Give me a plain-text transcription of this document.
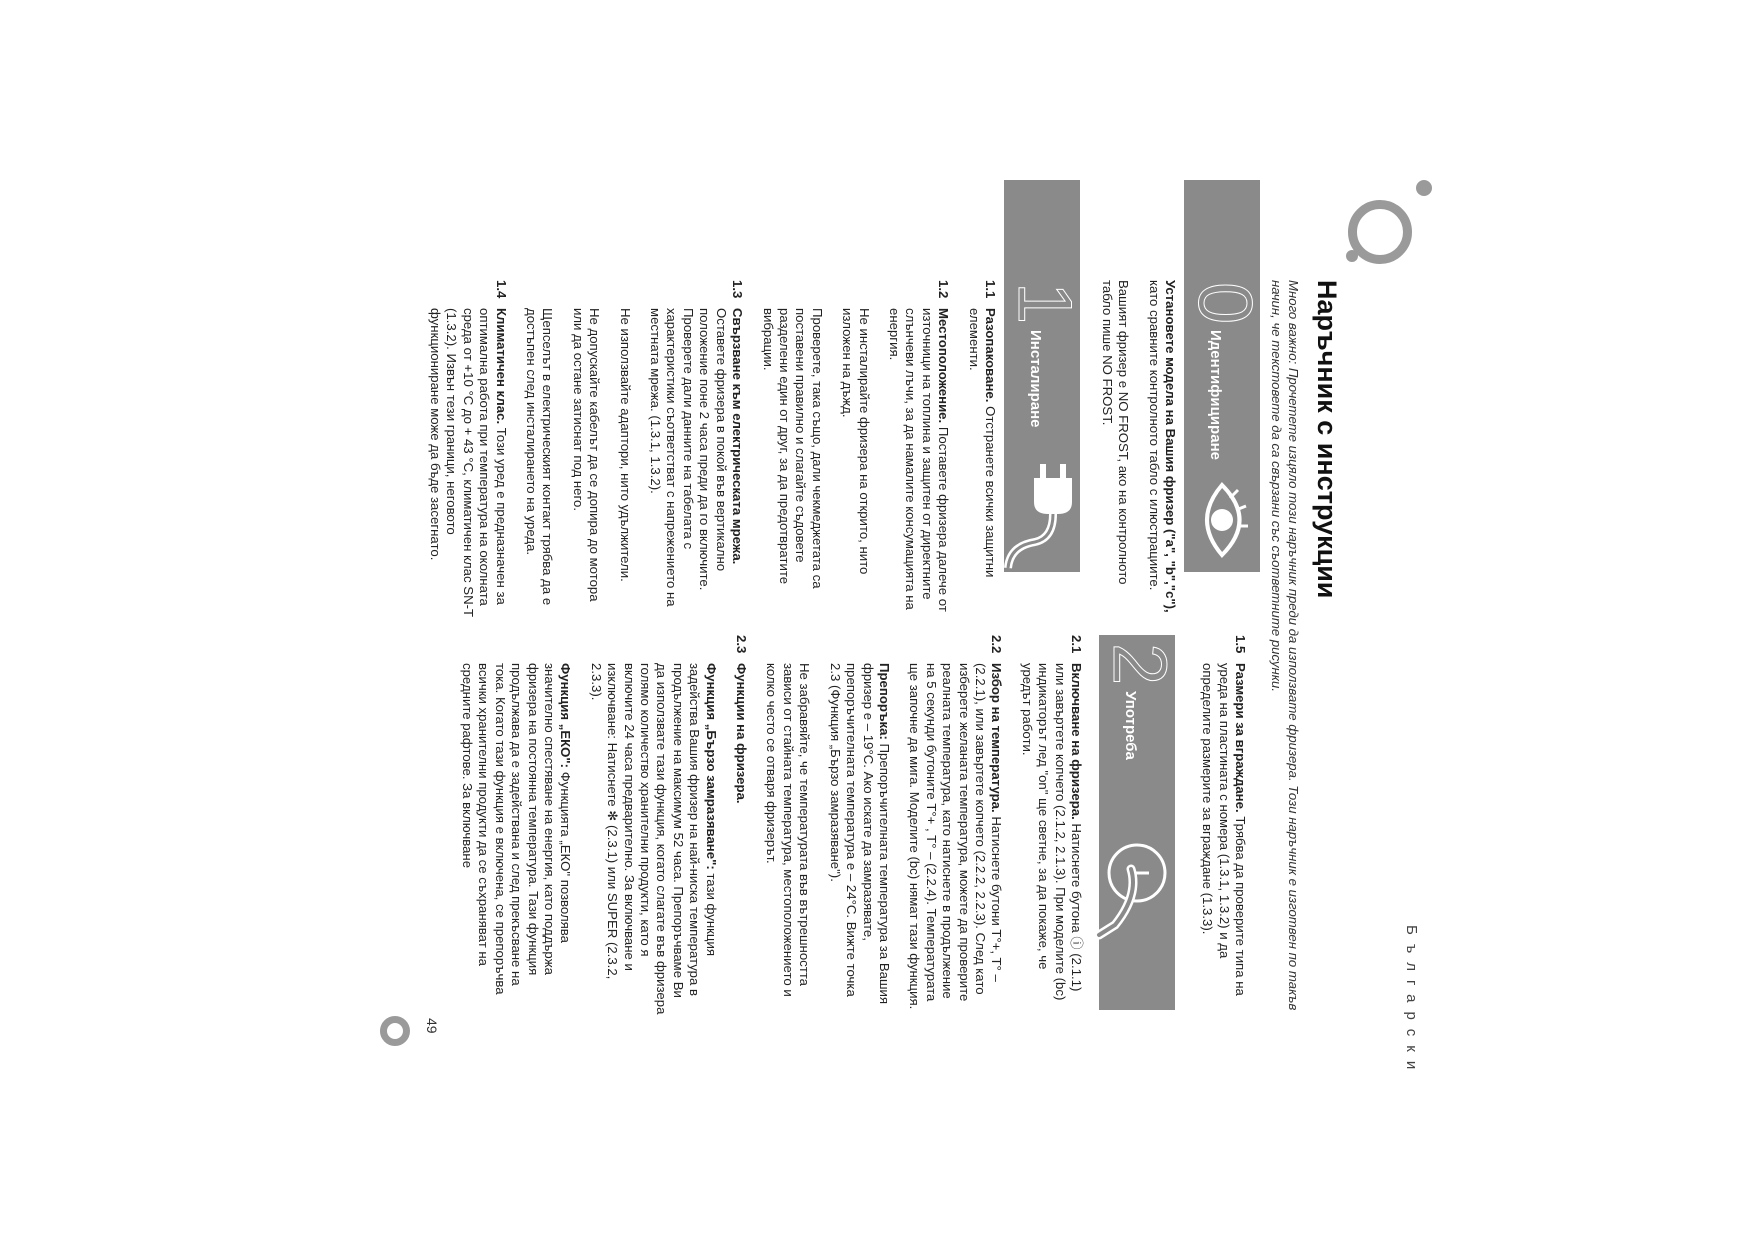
Български
Наръчник с инструкции
Много важно: Прочетете изцяло този наръчник преди да използвате фризера. Този наръчник е изготвен по такъв начин, че текстовете да са свързани със съответните рисунки.
0
Идентифициране
1
Инсталиране
2
Употреба

Установете модела на Вашия фризер ("а", "b","c"), като сравните контролното табло с илюстрациите.

Вашият фризер е NO FROST, ако на контролното табло пише NO FROST.

1.1

Разопаковане. Отстранете всички защитни елементи.

1.2

Местоположение. Поставете фризера далече от източници на топлина и защитен от директните слънчеви лъчи, за да намалите консумацията на енергия.

Не инсталирайте фризера на открито, нито изложен на дъжд.

Проверете, така също, дали чекмеджетата са поставени правилно и слагайте съдовете разделени един от друг, за да предотвратите вибрации.

1.3

Свързване към електрическата мрежа. Оставете фризера в покой във вертикално положение поне 2 часа преди да го включите. Проверете дали данните на табелата с характеристики съответстват с напрежението на местната мрежа. (1.3.1, 1.3.2).

Не използвайте адаптори, нито удължители.

Не допускайте кабелът да се допира до мотора или да остане затиснат под него.

Щепселът в електрическият контакт трябва да е достъпен след инсталирането на уреда.

1.4

Климатичен клас. Този уред е предназначен за оптимална работа при температура на околната среда от +10 °C до + 43 °C, климатичен клас SN-T (1.3.2). Извън тези граници, неговото функциониране може да бъде засегнато.

1.5

Размери за вграждане. Трябва да проверите типа на уреда на пластината с номера (1.3.1, 1.3.2) и да определите размерите за вграждане (1.3.3).

2.1

Включване на фризера. Натиснете бутона ⓘ (2.1.1) или завъртете копчето (2.1.2, 2.1.3). При моделите (bc) индикаторът лед "on" ще светне, за да покаже, че уредът работи.

2.2

Избор на температура. Натиснете бутони T°+, T° – (2.2.1), или завъртете копчето (2.2.2, 2.2.3). След като изберете желаната температура, можете да проверите реалната температура, като натиснете в продължение на 5 секунди бутоните T°+ , T° – (2.2.4). Температурата ще започне да мига. Моделите (bc) нямат тази функция.

Препоръка: Препоръчителната температура за Вашия фризер е – 19°C. Ако искате да замразявате, препоръчителната температура е – 24°C. Вижте точка 2.3 (Функция „Бързо замразяване").

Не забравяйте, че температурата във вътрешността зависи от стайната температура, местоположението и колко често се отваря фризерът.

2.3

Функции на фризера.

Функция „Бързо замразяване": тази функция задейства Вашия фризер на най-ниска температура в продължение на максимум 52 часа. Препоръчваме Ви да използвате тази функция, когато слагате във фризера голямо количество хранителни продукти, като я включите 24 часа предварително. За включване и изключване: Натиснете ✻ (2.3.1) или SUPER (2.3.2, 2.3.3).

Функция „ЕКО": Функцията „ЕКО" позволява значително спестяване на енергия, като поддържа фризера на постоянна температура. Тази функция продължава да е задействана и след прекъсване на тока. Когато тази функция е включена, се препоръчва всички хранителни продукти да се съхраняват на средните рафтове. За включване

49
